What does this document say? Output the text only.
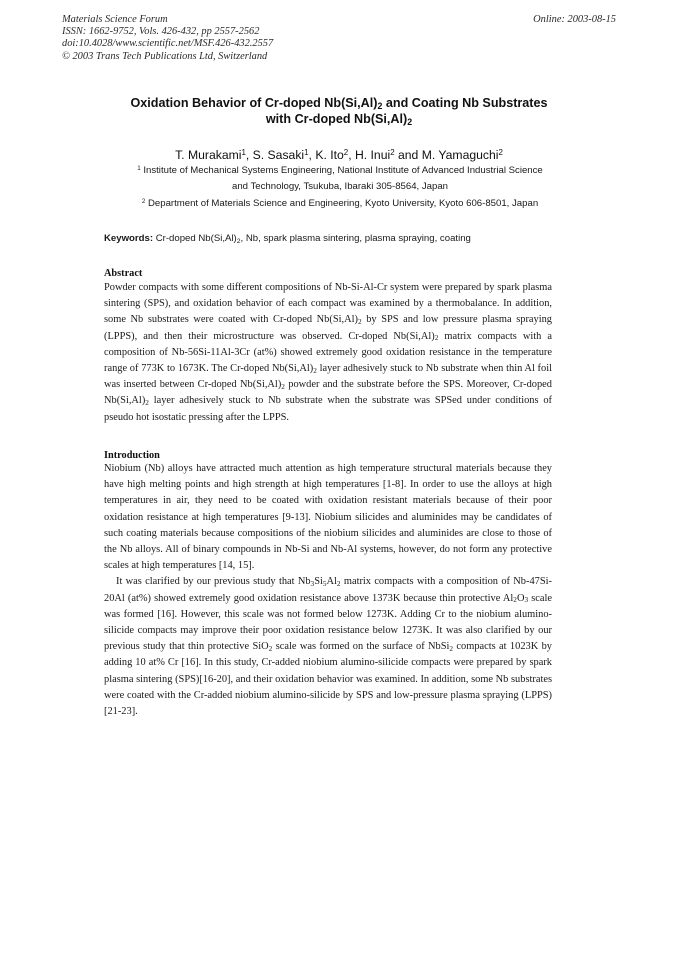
Materials Science Forum
ISSN: 1662-9752, Vols. 426-432, pp 2557-2562
doi:10.4028/www.scientific.net/MSF.426-432.2557
© 2003 Trans Tech Publications Ltd, Switzerland
Online: 2003-08-15
Oxidation Behavior of Cr-doped $Nb(Si,Al)_2$ and Coating Nb Substrates
with Cr-doped $Nb(Si,Al)_2$
T. Murakami$^1$, S. Sasaki$^1$, K. Ito$^2$, H. Inui$^2$ and M. Yamaguchi$^2$
$^1$ Institute of Mechanical Systems Engineering, National Institute of Advanced Industrial Science
and Technology, Tsukuba, Ibaraki 305-8564, Japan
$^2$ Department of Materials Science and Engineering, Kyoto University, Kyoto 606-8501, Japan
Keywords: Cr-doped $Nb(Si,Al)_2$, Nb, spark plasma sintering, plasma spraying, coating
Abstract

Powder compacts with some different compositions of Nb-Si-Al-Cr system were prepared by spark plasma sintering (SPS), and oxidation behavior of each compact was examined by a thermobalance. In addition, some Nb substrates were coated with Cr-doped $Nb(Si,Al)_2$ by SPS and low pressure plasma spraying (LPPS), and then their microstructure was observed. Cr-doped $Nb(Si,Al)_2$ matrix compacts with a composition of Nb-56Si-11Al-3Cr (at%) showed extremely good oxidation resistance in the temperature range of 773K to 1673K. The Cr-doped $Nb(Si,Al)_2$ layer adhesively stuck to Nb substrate when thin Al foil was inserted between Cr-doped $Nb(Si,Al)_2$ powder and the substrate before the SPS. Moreover, Cr-doped $Nb(Si,Al)_2$ layer adhesively stuck to Nb substrate when the substrate was SPSed under conditions of pseudo hot isostatic pressing after the LPPS.

Introduction

Niobium (Nb) alloys have attracted much attention as high temperature structural materials because they have high melting points and high strength at high temperatures [1-8]. In order to use the alloys at high temperatures in air, they need to be coated with oxidation resistant materials because of their poor oxidation resistance at high temperatures [9-13]. Niobium silicides and aluminides may be candidates of such coating materials because compositions of the niobium silicides and aluminides are close to those of the Nb alloys. All of binary compounds in Nb-Si and Nb-Al systems, however, do not form any protective scales at high temperatures [14, 15].

It was clarified by our previous study that $Nb_3Si_5Al_2$ matrix compacts with a composition of Nb-47Si-20Al (at%) showed extremely good oxidation resistance above 1373K because thin protective $Al_2O_3$ scale was formed [16]. However, this scale was not formed below 1273K. Adding Cr to the niobium alumino-silicide compacts may improve their poor oxidation resistance below 1273K. It was also clarified by our previous study that thin protective SiO$_2$ scale was formed on the surface of NbSi$_2$ compacts at 1023K by adding 10 at% Cr [16]. In this study, Cr-added niobium alumino-silicide compacts were prepared by spark plasma sintering (SPS)[16-20], and their oxidation behavior was examined. In addition, some Nb substrates were coated with the Cr-added niobium alumino-silicide by SPS and low-pressure plasma spraying (LPPS) [21-23].
